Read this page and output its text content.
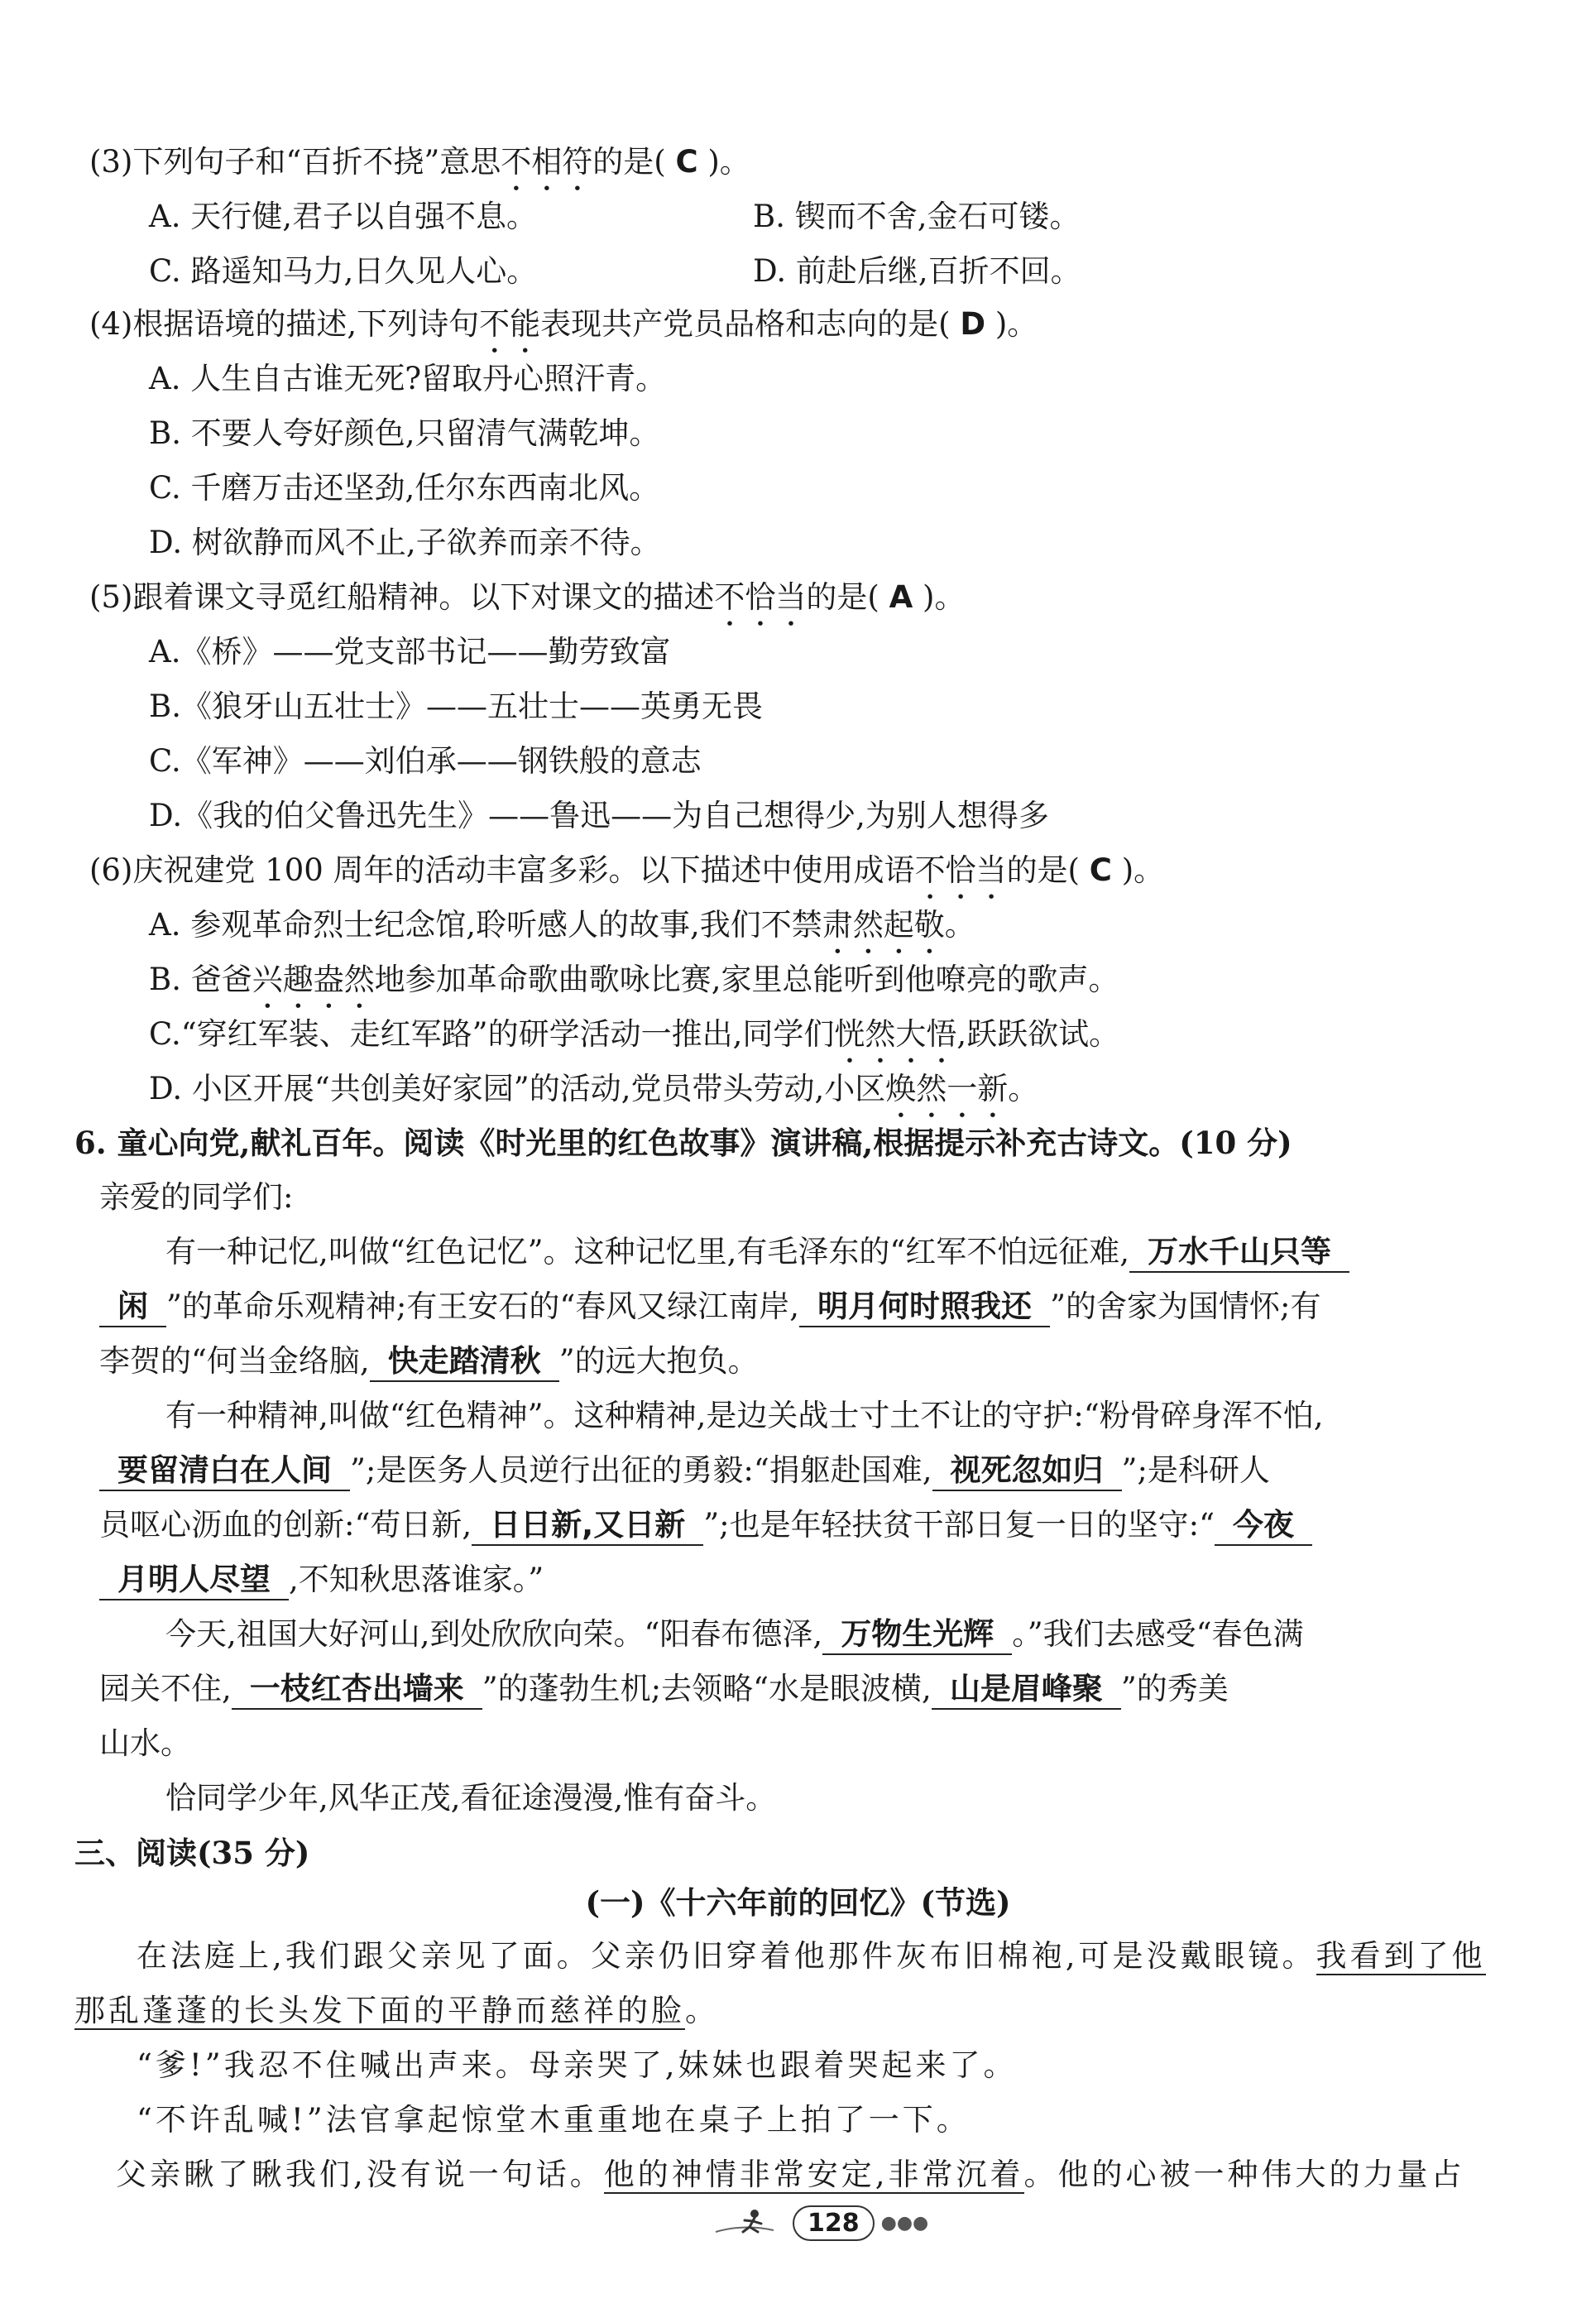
(3)下列句子和“百折不挠”意思不相符的是( C )。
A. 天行健,君子以自强不息。	B. 锲而不舍,金石可镂。
C. 路遥知马力,日久见人心。	D. 前赴后继,百折不回。
(4)根据语境的描述,下列诗句不能表现共产党员品格和志向的是( D )。
A. 人生自古谁无死?留取丹心照汗青。
B. 不要人夸好颜色,只留清气满乾坤。
C. 千磨万击还坚劲,任尔东西南北风。
D. 树欲静而风不止,子欲养而亲不待。
(5)跟着课文寻觅红船精神。以下对课文的描述不恰当的是( A )。
A.《桥》——党支部书记——勤劳致富
B.《狼牙山五壮士》——五壮士——英勇无畏
C.《军神》——刘伯承——钢铁般的意志
D.《我的伯父鲁迅先生》——鲁迅——为自己想得少,为别人想得多
(6)庆祝建党 100 周年的活动丰富多彩。以下描述中使用成语不恰当的是( C )。
A. 参观革命烈士纪念馆,聆听感人的故事,我们不禁肃然起敬。
B. 爸爸兴趣盎然地参加革命歌曲歌咏比赛,家里总能听到他嘹亮的歌声。
C.“穿红军装、走红军路”的研学活动一推出,同学们恍然大悟,跃跃欲试。
D. 小区开展“共创美好家园”的活动,党员带头劳动,小区焕然一新。
6. 童心向党,献礼百年。阅读《时光里的红色故事》演讲稿,根据提示补充古诗文。(10 分)
亲爱的同学们:
有一种记忆,叫做“红色记忆”。这种记忆里,有毛泽东的“红军不怕远征难, 万水千山只等
闲 ”的革命乐观精神;有王安石的“春风又绿江南岸, 明月何时照我还 ”的舍家为国情怀;有
李贺的“何当金络脑, 快走踏清秋 ”的远大抱负。
有一种精神,叫做“红色精神”。这种精神,是边关战士寸土不让的守护:“粉骨碎身浑不怕,
要留清白在人间 ”;是医务人员逆行出征的勇毅:“捐躯赴国难, 视死忽如归 ”;是科研人
员呕心沥血的创新:“苟日新, 日日新,又日新 ”;也是年轻扶贫干部日复一日的坚守:“ 今夜
月明人尽望 ,不知秋思落谁家。”
今天,祖国大好河山,到处欣欣向荣。“阳春布德泽, 万物生光辉 。”我们去感受“春色满
园关不住, 一枝红杏出墙来 ”的蓬勃生机;去领略“水是眼波横, 山是眉峰聚 ”的秀美
山水。
恰同学少年,风华正茂,看征途漫漫,惟有奋斗。
三、阅读(35 分)
(一)《十六年前的回忆》(节选)
在法庭上,我们跟父亲见了面。父亲仍旧穿着他那件灰布旧棉袍,可是没戴眼镜。我看到了他
那乱蓬蓬的长头发下面的平静而慈祥的脸。
“爹!”我忍不住喊出声来。母亲哭了,妹妹也跟着哭起来了。
“不许乱喊!”法官拿起惊堂木重重地在桌子上拍了一下。
父亲瞅了瞅我们,没有说一句话。他的神情非常安定,非常沉着。他的心被一种伟大的力量占
128	●●●
